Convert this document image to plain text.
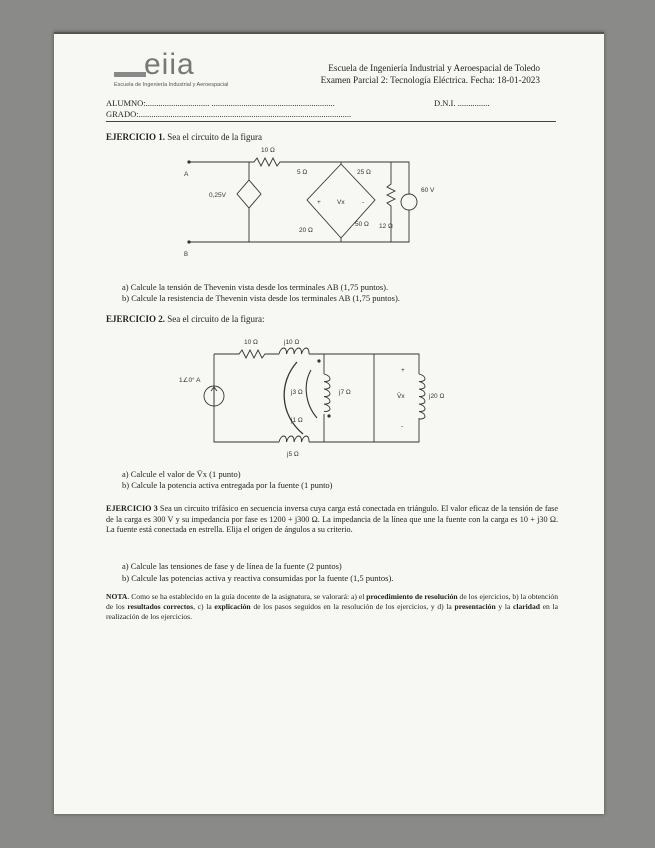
eiia
Escuela de Ingeniería Industrial y Aeroespacial
Escuela de Ingeniería Industrial y Aeroespacial de Toledo
Examen Parcial 2: Tecnología Eléctrica. Fecha: 18-01-2023
ALUMNO:.............................. ..........................................................	D.N.I. ...............
GRADO:....................................................................................................
EJERCICIO 1. Sea el circuito de la figura
10 Ω
A
B
0,25V
5 Ω	25 Ω
Vx
+	-
20 Ω
50 Ω 12 Ω
60 V
a) Calcule la tensión de Thevenin vista desde los terminales AB (1,75 puntos).
b) Calcule la resistencia de Thevenin vista desde los terminales AB (1,75 puntos).
EJERCICIO 2. Sea el circuito de la figura:
10 Ω	j10 Ω
1∠0° A
j3 Ω	j7 Ω
j1 Ω
j5 Ω
j20 Ω
V̄x
+
-
a) Calcule el valor de V̄x (1 punto)
b) Calcule la potencia activa entregada por la fuente (1 punto)
EJERCICIO 3 Sea un circuito trifásico en secuencia inversa cuya carga está conectada en triángulo. El valor eficaz de la tensión de fase de la carga es 300 V y su impedancia por fase es 1200 + j300 Ω. La impedancia de la línea que une la fuente con la carga es 10 + j30 Ω. La fuente está conectada en estrella. Elija el origen de ángulos a su criterio.
a) Calcule las tensiones de fase y de línea de la fuente (2 puntos)
b) Calcule las potencias activa y reactiva consumidas por la fuente (1,5 puntos).
NOTA. Como se ha establecido en la guía docente de la asignatura, se valorará: a) el procedimiento de resolución de los ejercicios, b) la obtención de los resultados correctos, c) la explicación de los pasos seguidos en la resolución de los ejercicios, y d) la presentación y la claridad en la realización de los ejercicios.
